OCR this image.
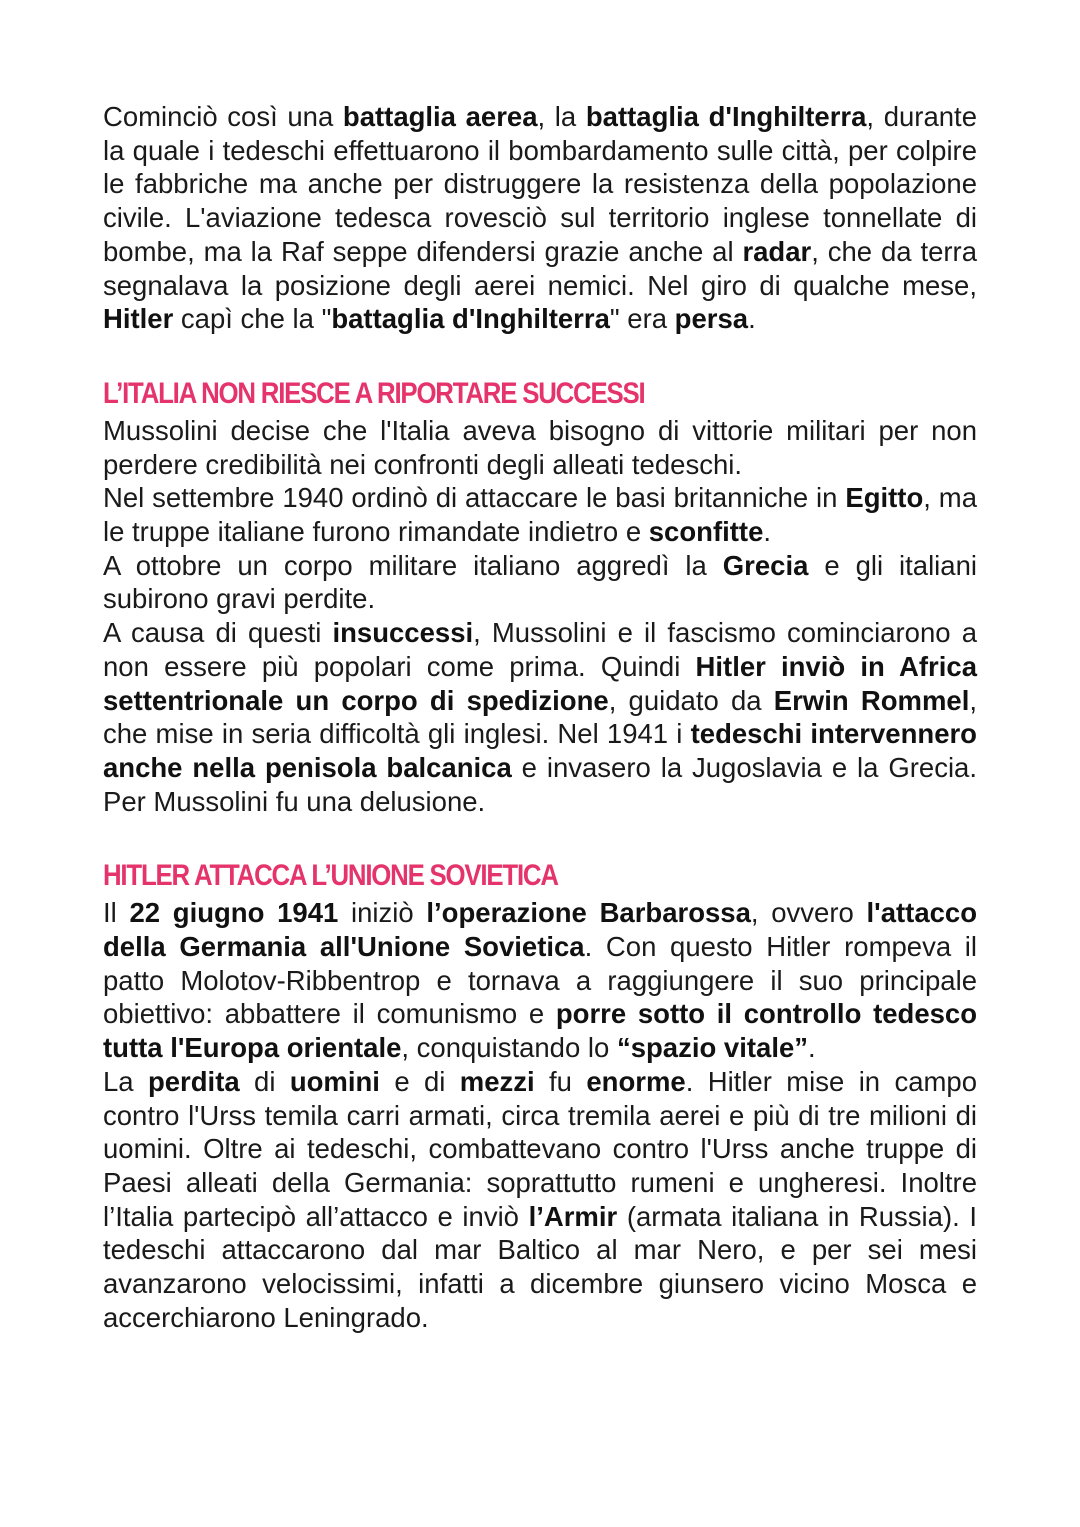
Cominciò così una battaglia aerea, la battaglia d'Inghilterra, durante la quale i tedeschi effettuarono il bombardamento sulle città, per colpire le fabbriche ma anche per distruggere la resistenza della popolazione civile. L'aviazione tedesca rovesciò sul territorio inglese tonnellate di bombe, ma la Raf seppe difendersi grazie anche al radar, che da terra segnalava la posizione degli aerei nemici. Nel giro di qualche mese, Hitler capì che la "battaglia d'Inghilterra" era persa.

L’ITALIA NON RIESCE A RIPORTARE SUCCESSI

Mussolini decise che l'Italia aveva bisogno di vittorie militari per non perdere credibilità nei confronti degli alleati tedeschi.

Nel settembre 1940 ordinò di attaccare le basi britanniche in Egitto, ma le truppe italiane furono rimandate indietro e sconfitte.

A ottobre un corpo militare italiano aggredì la Grecia e gli italiani subirono gravi perdite.

A causa di questi insuccessi, Mussolini e il fascismo cominciarono a non essere più popolari come prima. Quindi Hitler inviò in Africa settentrionale un corpo di spedizione, guidato da Erwin Rommel, che mise in seria difficoltà gli inglesi. Nel 1941 i tedeschi intervennero anche nella penisola balcanica e invasero la Jugoslavia e la Grecia. Per Mussolini fu una delusione.

HITLER ATTACCA L’UNIONE SOVIETICA

Il 22 giugno 1941 iniziò l’operazione Barbarossa, ovvero l'attacco della Germania all'Unione Sovietica. Con questo Hitler rompeva il patto Molotov-Ribbentrop e tornava a raggiungere il suo principale obiettivo: abbattere il comunismo e porre sotto il controllo tedesco tutta l'Europa orientale, conquistando lo “spazio vitale”.

La perdita di uomini e di mezzi fu enorme. Hitler mise in campo contro l'Urss temila carri armati, circa tremila aerei e più di tre milioni di uomini. Oltre ai tedeschi, combattevano contro l'Urss anche truppe di Paesi alleati della Germania: soprattutto rumeni e ungheresi. Inoltre l’Italia partecipò all’attacco e inviò l’Armir (armata italiana in Russia). I tedeschi attaccarono dal mar Baltico al mar Nero, e per sei mesi avanzarono velocissimi, infatti a dicembre giunsero vicino Mosca e accerchiarono Leningrado.
